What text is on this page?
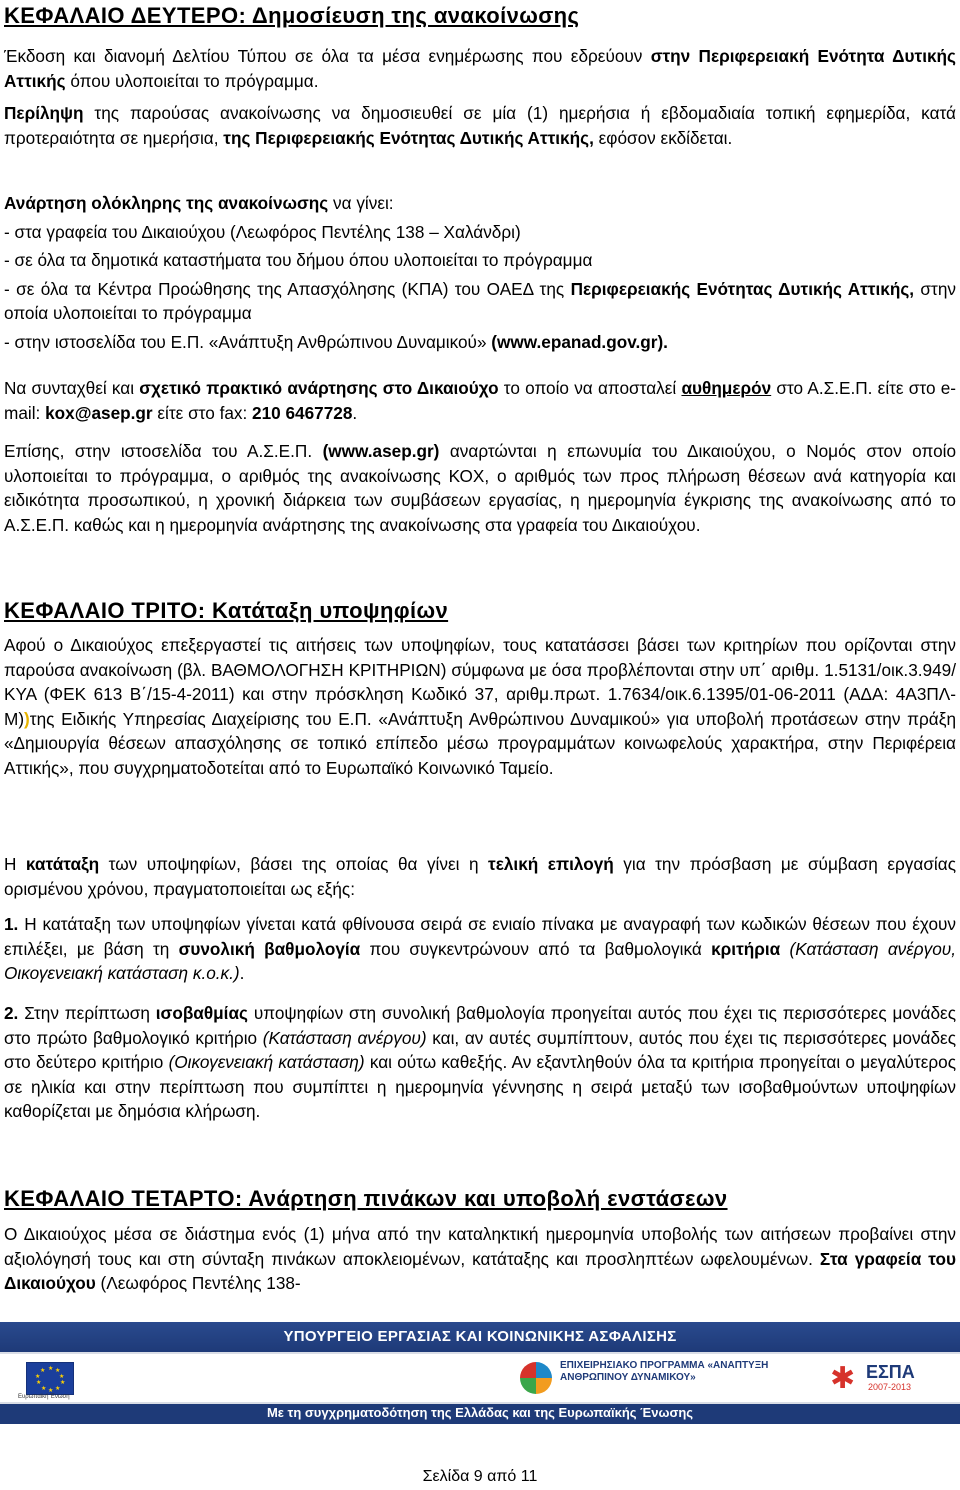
ΚΕΦΑΛΑΙΟ ΔΕΥΤΕΡΟ: Δημοσίευση της ανακοίνωσης

Έκδοση και διανομή Δελτίου Τύπου σε όλα τα μέσα ενημέρωσης που εδρεύουν στην Περιφερειακή Ενότητα Δυτικής Αττικής όπου υλοποιείται το πρόγραμμα.

Περίληψη της παρούσας ανακοίνωσης να δημοσιευθεί σε μία (1) ημερήσια ή εβδομαδιαία τοπική εφημερίδα, κατά προτεραιότητα σε ημερήσια, της Περιφερειακής Ενότητας Δυτικής Αττικής, εφόσον εκδίδεται.

Ανάρτηση ολόκληρης της ανακοίνωσης να γίνει:

- στα γραφεία του Δικαιούχου (Λεωφόρος Πεντέλης 138 – Χαλάνδρι)

- σε όλα τα δημοτικά καταστήματα του δήμου όπου υλοποιείται το πρόγραμμα

- σε όλα τα Κέντρα Προώθησης της Απασχόλησης (ΚΠΑ) του ΟΑΕΔ της Περιφερειακής Ενότητας Δυτικής Αττικής, στην οποία υλοποιείται το πρόγραμμα

- στην ιστοσελίδα του Ε.Π. «Ανάπτυξη Ανθρώπινου Δυναμικού» (www.epanad.gov.gr).

Να συνταχθεί και σχετικό πρακτικό ανάρτησης στο Δικαιούχο το οποίο να αποσταλεί αυθημερόν στο Α.Σ.Ε.Π. είτε στο e-mail: kox@asep.gr είτε στο fax: 210 6467728.

Επίσης, στην ιστοσελίδα του Α.Σ.Ε.Π. (www.asep.gr) αναρτώνται η επωνυμία του Δικαιούχου, ο Νομός στον οποίο υλοποιείται το πρόγραμμα, ο αριθμός της ανακοίνωσης ΚΟΧ, ο αριθμός των προς πλήρωση θέσεων ανά κατηγορία και ειδικότητα προσωπικού, η χρονική διάρκεια των συμβάσεων εργασίας, η ημερομηνία έγκρισης της ανακοίνωσης από το Α.Σ.Ε.Π. καθώς και η ημερομηνία ανάρτησης της ανακοίνωσης στα γραφεία του Δικαιούχου.

ΚΕΦΑΛΑΙΟ ΤΡΙΤΟ: Κατάταξη υποψηφίων

Αφού ο Δικαιούχος επεξεργαστεί τις αιτήσεις των υποψηφίων, τους κατατάσσει βάσει των κριτηρίων που ορίζονται στην παρούσα ανακοίνωση (βλ. ΒΑΘΜΟΛΟΓΗΣΗ ΚΡΙΤΗΡΙΩΝ) σύμφωνα με όσα προβλέπονται στην υπ΄ αριθμ. 1.5131/οικ.3.949/ΚΥΑ (ΦΕΚ 613 Β΄/15-4-2011) και στην πρόσκληση Κωδικό 37, αριθμ.πρωτ. 1.7634/οικ.6.1395/01-06-2011 (ΑΔΑ: 4Α3ΠΛ-Μ))της Ειδικής Υπηρεσίας Διαχείρισης του Ε.Π. «Ανάπτυξη Ανθρώπινου Δυναμικού» για υποβολή προτάσεων στην πράξη «Δημιουργία θέσεων απασχόλησης σε τοπικό επίπεδο μέσω προγραμμάτων κοινωφελούς χαρακτήρα, στην Περιφέρεια Αττικής», που συγχρηματοδοτείται από το Ευρωπαϊκό Κοινωνικό Ταμείο.

Η κατάταξη των υποψηφίων, βάσει της οποίας θα γίνει η τελική επιλογή για την πρόσβαση με σύμβαση εργασίας ορισμένου χρόνου, πραγματοποιείται ως εξής:

1. Η κατάταξη των υποψηφίων γίνεται κατά φθίνουσα σειρά σε ενιαίο πίνακα με αναγραφή των κωδικών θέσεων που έχουν επιλέξει, με βάση τη συνολική βαθμολογία που συγκεντρώνουν από τα βαθμολογικά κριτήρια (Κατάσταση ανέργου, Οικογενειακή κατάσταση κ.ο.κ.).

2. Στην περίπτωση ισοβαθμίας υποψηφίων στη συνολική βαθμολογία προηγείται αυτός που έχει τις περισσότερες μονάδες στο πρώτο βαθμολογικό κριτήριο (Κατάσταση ανέργου) και, αν αυτές συμπίπτουν, αυτός που έχει τις περισσότερες μονάδες στο δεύτερο κριτήριο (Οικογενειακή κατάσταση) και ούτω καθεξής. Αν εξαντληθούν όλα τα κριτήρια προηγείται ο μεγαλύτερος σε ηλικία και στην περίπτωση που συμπίπτει η ημερομηνία γέννησης η σειρά μεταξύ των ισοβαθμούντων υποψηφίων καθορίζεται με δημόσια κλήρωση.

ΚΕΦΑΛΑΙΟ ΤΕΤΑΡΤΟ: Ανάρτηση πινάκων και υποβολή ενστάσεων

Ο Δικαιούχος μέσα σε διάστημα ενός (1) μήνα από την καταληκτική ημερομηνία υποβολής των αιτήσεων προβαίνει στην αξιολόγησή τους και στη σύνταξη πινάκων αποκλειομένων, κατάταξης και προσληπτέων ωφελουμένων. Στα γραφεία του Δικαιούχου (Λεωφόρος Πεντέλης 138-

ΥΠΟΥΡΓΕΙΟ ΕΡΓΑΣΙΑΣ ΚΑΙ ΚΟΙΝΩΝΙΚΗΣ ΑΣΦΑΛΙΣΗΣ
★ ★
★
★
★
★
★
★
★
★
Ευρωπαϊκή Ένωση
ΕΠΙΧΕΙΡΗΣΙΑΚΟ ΠΡΟΓΡΑΜΜΑ «ΑΝΑΠΤΥΞΗ ΑΝΘΡΩΠΙΝΟΥ ΔΥΝΑΜΙΚΟΥ»	✱ ΕΣΠΑ
2007-2013
Με τη συγχρηματοδότηση της Ελλάδας και της Ευρωπαϊκής Ένωσης
Σελίδα 9 από 11
